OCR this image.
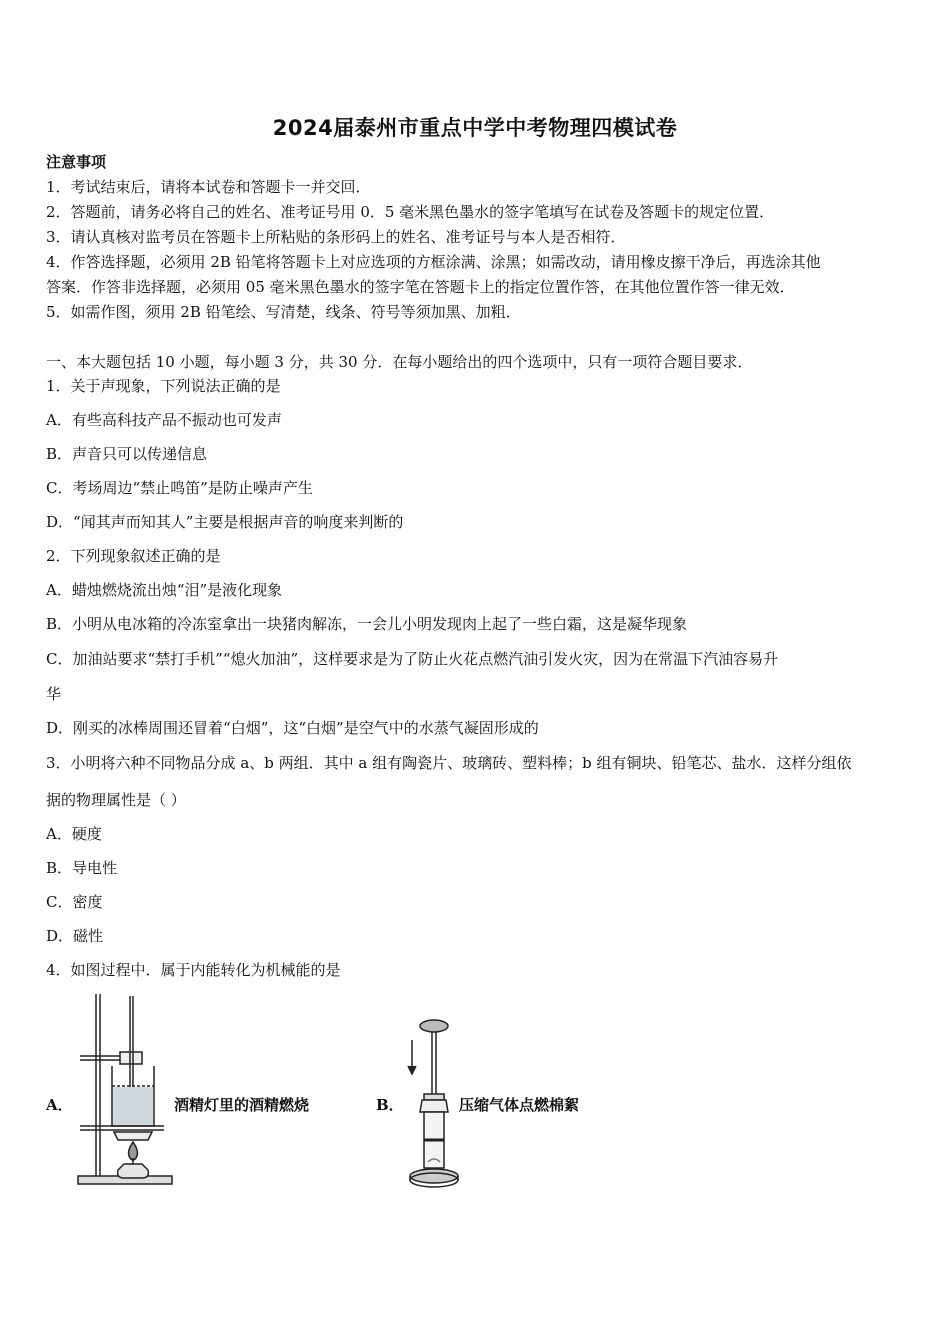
2024届泰州市重点中学中考物理四模试卷
注意事项
1．考试结束后，请将本试卷和答题卡一并交回．
2．答题前，请务必将自己的姓名、准考证号用 0．5 毫米黑色墨水的签字笔填写在试卷及答题卡的规定位置．
3．请认真核对监考员在答题卡上所粘贴的条形码上的姓名、准考证号与本人是否相符．
4．作答选择题，必须用 2B 铅笔将答题卡上对应选项的方框涂满、涂黑；如需改动，请用橡皮擦干净后，再选涂其他
答案．作答非选择题，必须用 05 毫米黑色墨水的签字笔在答题卡上的指定位置作答，在其他位置作答一律无效．
5．如需作图，须用 2B 铅笔绘、写清楚，线条、符号等须加黑、加粗．
一、本大题包括 10 小题，每小题 3 分，共 30 分．在每小题给出的四个选项中，只有一项符合题目要求．
1．关于声现象，下列说法正确的是
A．有些高科技产品不振动也可发声
B．声音只可以传递信息
C．考场周边“禁止鸣笛”是防止噪声产生
D．“闻其声而知其人”主要是根据声音的响度来判断的
2．下列现象叙述正确的是
A．蜡烛燃烧流出烛“泪”是液化现象
B．小明从电冰箱的冷冻室拿出一块猪肉解冻，一会儿小明发现肉上起了一些白霜，这是凝华现象
C．加油站要求“禁打手机”“熄火加油”，这样要求是为了防止火花点燃汽油引发火灾，因为在常温下汽油容易升
华
D．刚买的冰棒周围还冒着“白烟”，这“白烟”是空气中的水蒸气凝固形成的
3．小明将六种不同物品分成 a、b 两组．其中 a 组有陶瓷片、玻璃砖、塑料棒；b 组有铜块、铅笔芯、盐水．这样分组依
据的物理属性是（ ）
A．硬度
B．导电性
C．密度
D．磁性
4．如图过程中．属于内能转化为机械能的是
A．	酒精灯里的酒精燃烧	B．	压缩气体点燃棉絮
